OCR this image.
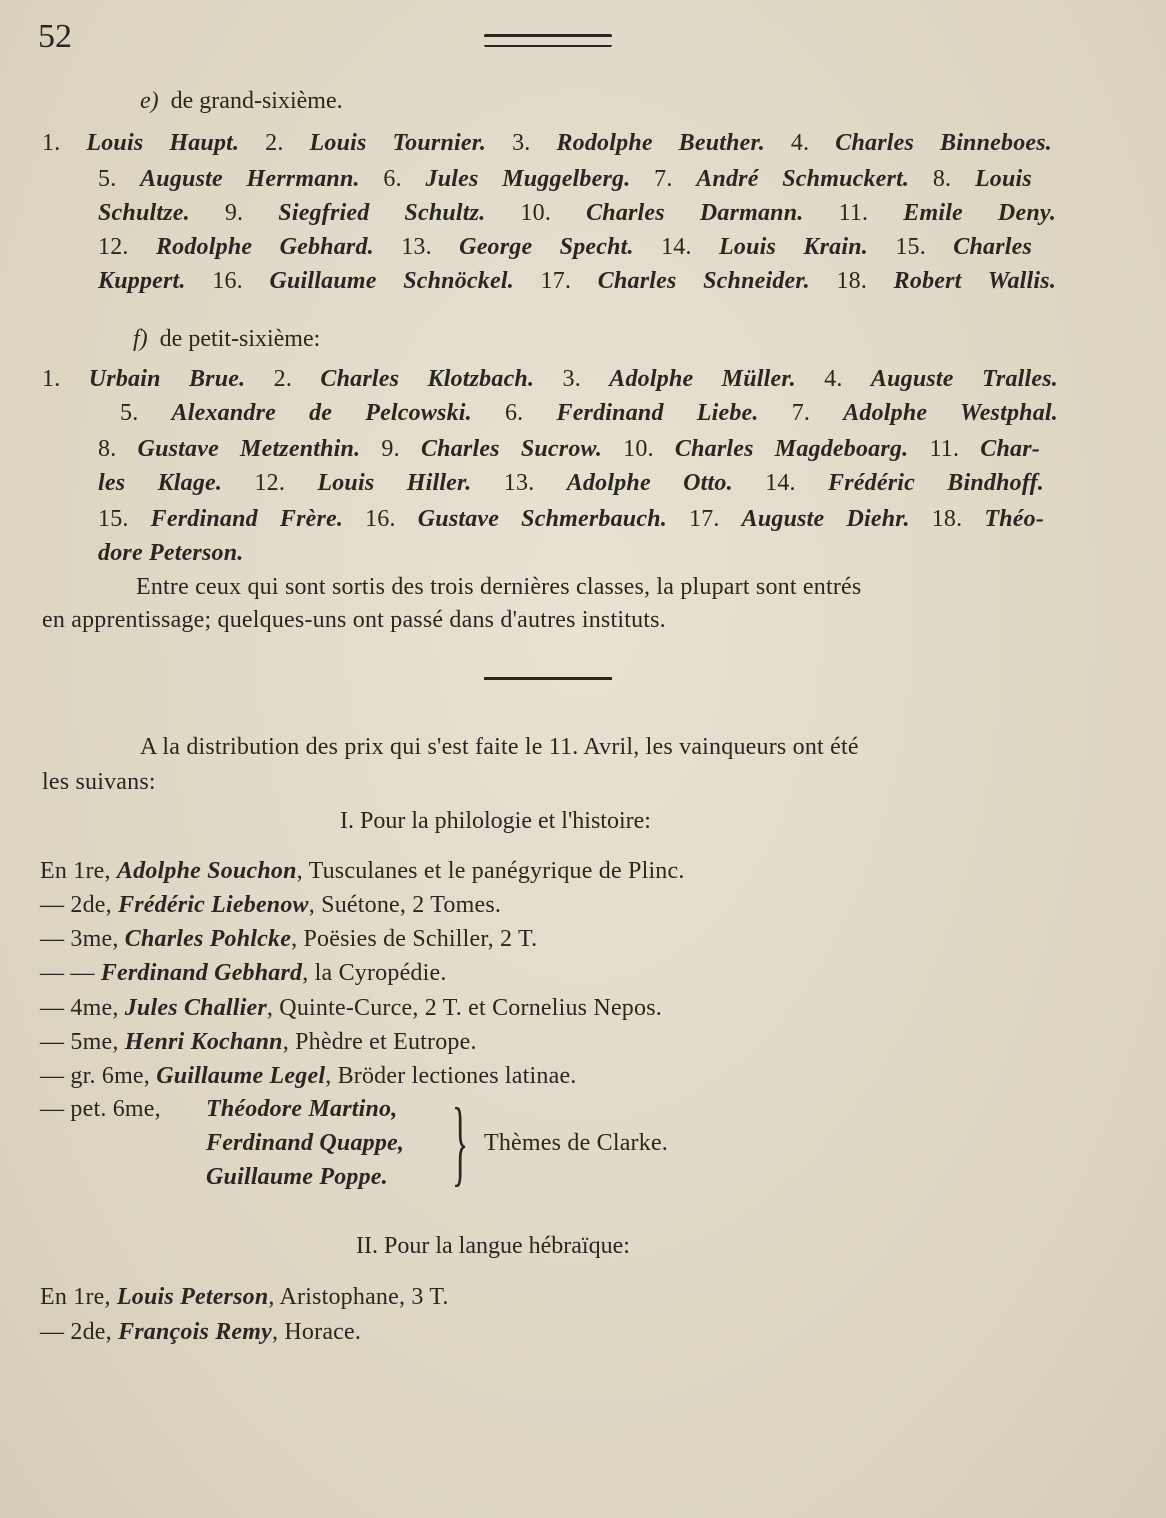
52
e) de grand-sixième.
1. Louis Haupt. 2. Louis Tournier. 3. Rodolphe Beuther. 4. Charles Binneboes.
5. Auguste Herrmann. 6. Jules Muggelberg. 7. André Schmuckert. 8. Louis
Schultze. 9. Siegfried Schultz. 10. Charles Darmann. 11. Emile Deny.
12. Rodolphe Gebhard. 13. George Specht. 14. Louis Krain. 15. Charles
Kuppert. 16. Guillaume Schnöckel. 17. Charles Schneider. 18. Robert Wallis.
f) de petit-sixième:
1. Urbain Brue. 2. Charles Klotzbach. 3. Adolphe Müller. 4. Auguste Tralles.
5. Alexandre de Pelcowski. 6. Ferdinand Liebe. 7. Adolphe Westphal.
8. Gustave Metzenthin. 9. Charles Sucrow. 10. Charles Magdeboarg. 11. Char-
les Klage. 12. Louis Hiller. 13. Adolphe Otto. 14. Frédéric Bindhoff.
15. Ferdinand Frère. 16. Gustave Schmerbauch. 17. Auguste Diehr. 18. Théo-
dore Peterson.
Entre ceux qui sont sortis des trois dernières classes, la plupart sont entrés
en apprentissage; quelques-uns ont passé dans d'autres instituts.
A la distribution des prix qui s'est faite le 11. Avril, les vainqueurs ont été
les suivans:
I. Pour la philologie et l'histoire:
En 1re, Adolphe Souchon, Tusculanes et le panégyrique de Plinc.
— 2de, Frédéric Liebenow, Suétone, 2 Tomes.
— 3me, Charles Pohlcke, Poësies de Schiller, 2 T.
— — Ferdinand Gebhard, la Cyropédie.
— 4me, Jules Challier, Quinte-Curce, 2 T. et Cornelius Nepos.
— 5me, Henri Kochann, Phèdre et Eutrope.
— gr. 6me, Guillaume Legel, Bröder lectiones latinae.
— pet. 6me, Théodore Martino,
Ferdinand Quappe,
Guillaume Poppe. } Thèmes de Clarke.
II. Pour la langue hébraïque:
En 1re, Louis Peterson, Aristophane, 3 T.
— 2de, François Remy, Horace.
